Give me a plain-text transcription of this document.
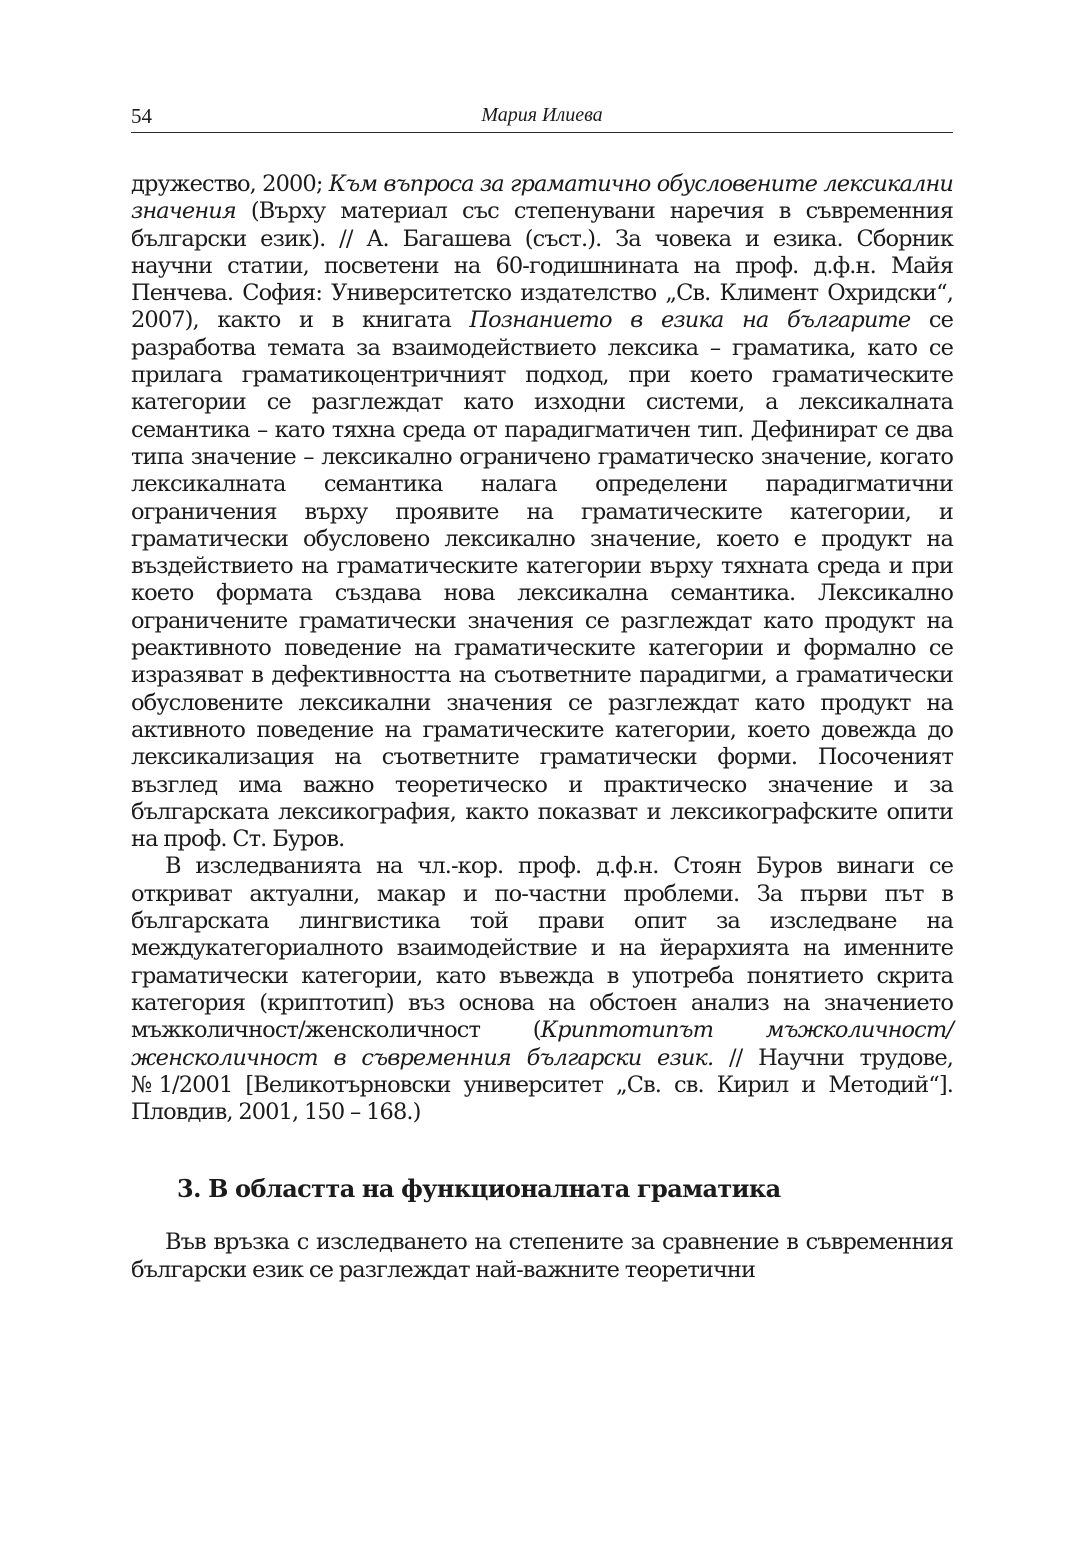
54	Мария Илиева

дружество, 2000; Към въпроса за граматично обусловените лексикални значения (Върху материал със степенувани наречия в съвременния български език). // А. Багашева (съст.). За човека и езика. Сборник научни статии, посветени на 60-годишнината на проф. д.ф.н. Майя Пенчева. София: Университетско издателство „Св. Климент Охридски“, 2007), както и в книгата Познанието в езика на българите се разработва темата за взаимодействието лексика – граматика, като се прилага граматикоцентричният подход, при което граматическите категории се разглеждат като изходни системи, а лексикалната семантика – като тяхна среда от парадигматичен тип. Дефинират се два типа значение – лексикално ограничено граматическо значение, когато лексикалната семантика налага определени парадигматични ограничения върху проявите на граматическите категории, и граматически обусловено лексикално значение, което е продукт на въздействието на граматическите категории върху тяхната среда и при което формата създава нова лексикална семантика. Лексикално ограничените граматически значения се разглеждат като продукт на реактивното поведение на граматическите категории и формално се изразяват в дефективността на съответните парадигми, а граматически обусловените лексикални значения се разглеждат като продукт на активното поведение на граматическите категории, което довежда до лексикализация на съответните граматически форми. Посоченият възглед има важно теоретическо и практическо значение и за българската лексикография, както показват и лексикографските опити на проф. Ст. Буров.

В изследванията на чл.-кор. проф. д.ф.н. Стоян Буров винаги се откриват актуални, макар и по-частни проблеми. За първи път в българската лингвистика той прави опит за изследване на междукатегориалното взаимодействие и на йерархията на именните граматически категории, като въвежда в употреба понятието скрита категория (криптотип) въз основа на обстоен анализ на значението мъжколичност/женсколичност (Криптотипът мъжколичност/женсколичност в съвременния български език. // Научни трудове, №1/2001 [Великотърновски университет „Св. св. Кирил и Методий“]. Пловдив, 2001, 150 – 168.)

3. В областта на функционалната граматика

Във връзка с изследването на степените за сравнение в съвременния български език се разглеждат най-важните теоретични
